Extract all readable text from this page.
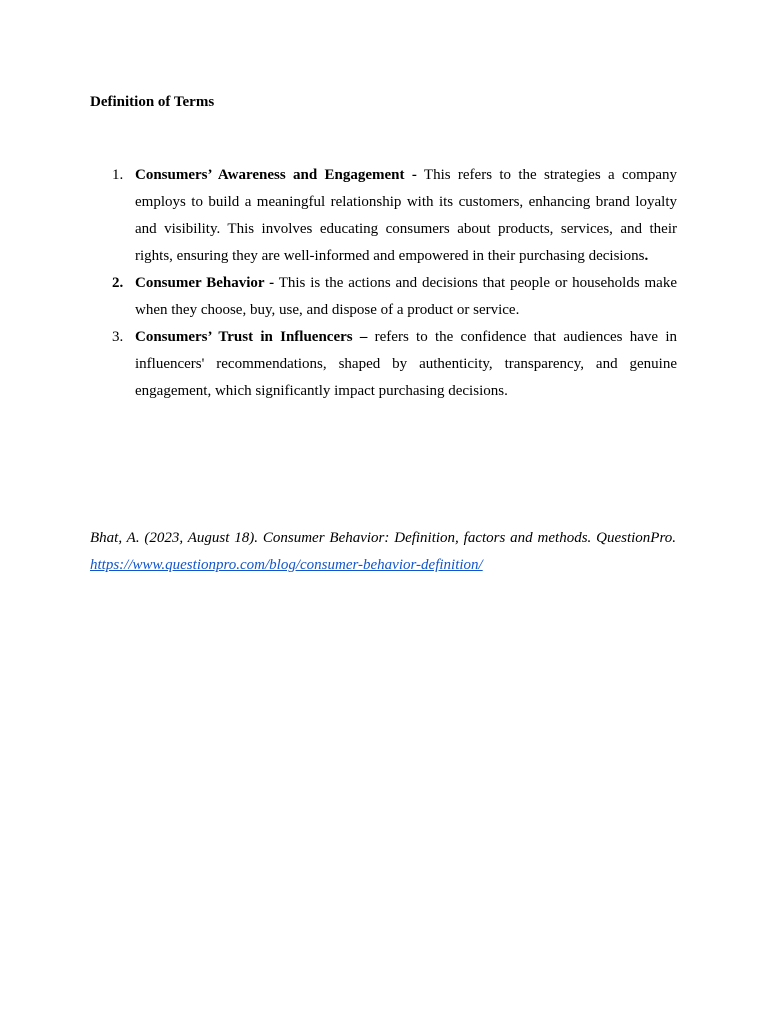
Definition of Terms
1. Consumers’ Awareness and Engagement - This refers to the strategies a company employs to build a meaningful relationship with its customers, enhancing brand loyalty and visibility. This involves educating consumers about products, services, and their rights, ensuring they are well-informed and empowered in their purchasing decisions.
2. Consumer Behavior - This is the actions and decisions that people or households make when they choose, buy, use, and dispose of a product or service.
3. Consumers’ Trust in Influencers – refers to the confidence that audiences have in influencers' recommendations, shaped by authenticity, transparency, and genuine engagement, which significantly impact purchasing decisions.

Bhat, A. (2023, August 18). Consumer Behavior: Definition, factors and methods. QuestionPro. https://www.questionpro.com/blog/consumer-behavior-definition/
